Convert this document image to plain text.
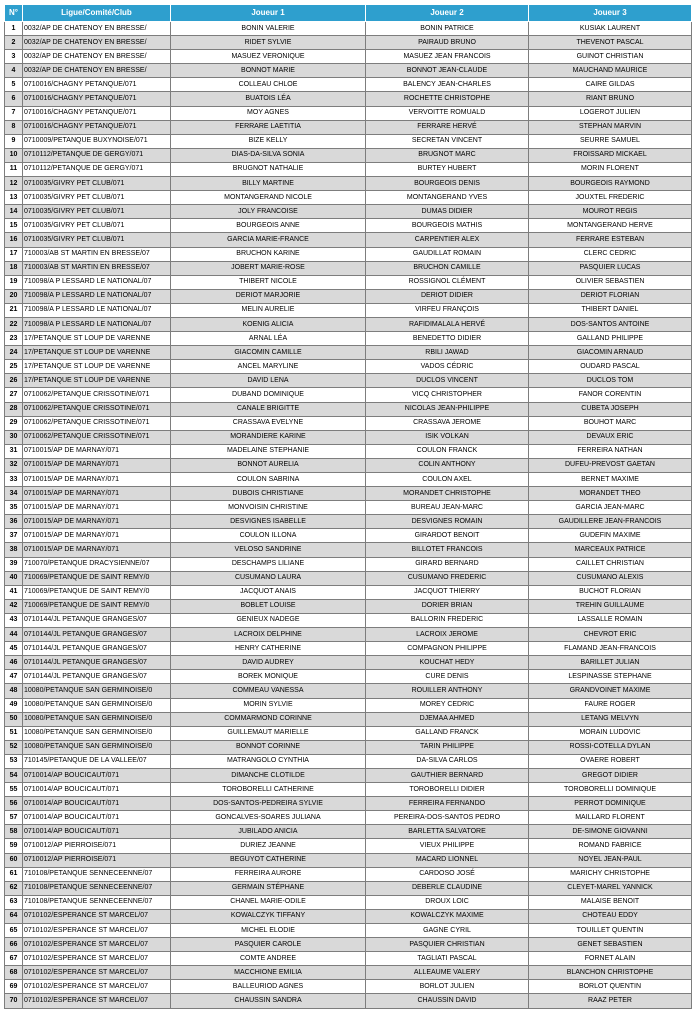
N°	Ligue/Comité/Club	Joueur 1	Joueur 2	Joueur 3
1	0032/AP DE CHATENOY EN BRESSE/	BONIN VALERIE	BONIN PATRICE	KUSIAK LAURENT
2	0032/AP DE CHATENOY EN BRESSE/	RIDET SYLVIE	PAIRAUD BRUNO	THEVENOT PASCAL
3	0032/AP DE CHATENOY EN BRESSE/	MASUEZ VERONIQUE	MASUEZ JEAN FRANCOIS	GUINOT CHRISTIAN
4	0032/AP DE CHATENOY EN BRESSE/	BONNOT MARIE	BONNOT JEAN-CLAUDE	MAUCHAND MAURICE
5	0710016/CHAGNY PETANQUE/071	COLLEAU CHLOE	BALENCY JEAN-CHARLES	CAIRE GILDAS
6	0710016/CHAGNY PETANQUE/071	BUATOIS LÉA	ROCHETTE CHRISTOPHE	RIANT BRUNO
7	0710016/CHAGNY PETANQUE/071	MOY AGNES	VERVOITTE ROMUALD	LOGEROT JULIEN
8	0710016/CHAGNY PETANQUE/071	FERRARE LAETITIA	FERRARE HERVÉ	STEPHAN MARVIN
9	0710009/PETANQUE BUXYNOISE/071	BIZE KELLY	SECRETAN VINCENT	SEURRE SAMUEL
10	0710112/PETANQUE DE GERGY/071	DIAS-DA-SILVA SONIA	BRUGNOT MARC	FROISSARD MICKAEL
11	0710112/PETANQUE DE GERGY/071	BRUGNOT NATHALIE	BURTEY HUBERT	MORIN FLORENT
12	0710035/GIVRY PET CLUB/071	BILLY MARTINE	BOURGEOIS DENIS	BOURGEOIS RAYMOND
13	0710035/GIVRY PET CLUB/071	MONTANGERAND NICOLE	MONTANGERAND YVES	JOUXTEL FREDERIC
14	0710035/GIVRY PET CLUB/071	JOLY FRANCOISE	DUMAS DIDIER	MOUROT REGIS
15	0710035/GIVRY PET CLUB/071	BOURGEOIS ANNE	BOURGEOIS MATHIS	MONTANGERAND HERVE
16	0710035/GIVRY PET CLUB/071	GARCIA MARIE-FRANCE	CARPENTIER ALEX	FERRARE ESTEBAN
17	710003/AB ST MARTIN EN BRESSE/07	BRUCHON KARINE	GAUDILLAT ROMAIN	CLERC CEDRIC
18	710003/AB ST MARTIN EN BRESSE/07	JOBERT MARIE-ROSE	BRUCHON CAMILLE	PASQUIER LUCAS
19	710098/A P LESSARD LE NATIONAL/07	THIBERT NICOLE	ROSSIGNOL CLÉMENT	OLIVIER SEBASTIEN
20	710098/A P LESSARD LE NATIONAL/07	DERIOT MARJORIE	DERIOT DIDIER	DERIOT FLORIAN
21	710098/A P LESSARD LE NATIONAL/07	MELIN AURELIE	VIRFEU FRANÇOIS	THIBERT DANIEL
22	710098/A P LESSARD LE NATIONAL/07	KOENIG ALICIA	RAFIDIMALALA HERVÉ	DOS-SANTOS ANTOINE
23	17/PETANQUE ST LOUP DE VARENNE	ARNAL LÉA	BENEDETTO DIDIER	GALLAND PHILIPPE
24	17/PETANQUE ST LOUP DE VARENNE	GIACOMIN CAMILLE	RBILI JAWAD	GIACOMIN ARNAUD
25	17/PETANQUE ST LOUP DE VARENNE	ANCEL MARYLINE	VADOS CÉDRIC	OUDARD PASCAL
26	17/PETANQUE ST LOUP DE VARENNE	DAVID LENA	DUCLOS VINCENT	DUCLOS TOM
27	0710062/PETANQUE CRISSOTINE/071	DUBAND DOMINIQUE	VICQ CHRISTOPHER	FANOR CORENTIN
28	0710062/PETANQUE CRISSOTINE/071	CANALE BRIGITTE	NICOLAS JEAN-PHILIPPE	CUBETA JOSEPH
29	0710062/PETANQUE CRISSOTINE/071	CRASSAVA EVELYNE	CRASSAVA JEROME	BOUHOT MARC
30	0710062/PETANQUE CRISSOTINE/071	MORANDIERE KARINE	ISIK VOLKAN	DEVAUX ERIC
31	0710015/AP DE MARNAY/071	MADELAINE STEPHANIE	COULON FRANCK	FERREIRA NATHAN
32	0710015/AP DE MARNAY/071	BONNOT AURELIA	COLIN ANTHONY	DUFEU-PREVOST GAETAN
33	0710015/AP DE MARNAY/071	COULON SABRINA	COULON AXEL	BERNET MAXIME
34	0710015/AP DE MARNAY/071	DUBOIS CHRISTIANE	MORANDET CHRISTOPHE	MORANDET THEO
35	0710015/AP DE MARNAY/071	MONVOISIN CHRISTINE	BUREAU JEAN-MARC	GARCIA JEAN-MARC
36	0710015/AP DE MARNAY/071	DESVIGNES ISABELLE	DESVIGNES ROMAIN	GAUDILLERE JEAN-FRANCOIS
37	0710015/AP DE MARNAY/071	COULON ILLONA	GIRARDOT BENOIT	GUDEFIN MAXIME
38	0710015/AP DE MARNAY/071	VELOSO SANDRINE	BILLOTET FRANCOIS	MARCEAUX PATRICE
39	710070/PETANQUE DRACYSIENNE/07	DESCHAMPS LILIANE	GIRARD BERNARD	CAILLET CHRISTIAN
40	710069/PETANQUE DE SAINT REMY/0	CUSUMANO LAURA	CUSUMANO FREDERIC	CUSUMANO ALEXIS
41	710069/PETANQUE DE SAINT REMY/0	JACQUOT ANAIS	JACQUOT THIERRY	BUCHOT FLORIAN
42	710069/PETANQUE DE SAINT REMY/0	BOBLET LOUISE	DORIER BRIAN	TREHIN GUILLAUME
43	0710144/JL PETANQUE GRANGES/07	GENIEUX NADEGE	BALLORIN FREDERIC	LASSALLE ROMAIN
44	0710144/JL PETANQUE GRANGES/07	LACROIX DELPHINE	LACROIX JEROME	CHEVROT ERIC
45	0710144/JL PETANQUE GRANGES/07	HENRY CATHERINE	COMPAGNON PHILIPPE	FLAMAND JEAN-FRANCOIS
46	0710144/JL PETANQUE GRANGES/07	DAVID AUDREY	KOUCHAT HEDY	BARILLET JULIAN
47	0710144/JL PETANQUE GRANGES/07	BOREK MONIQUE	CURE DENIS	LESPINASSE STEPHANE
48	10080/PETANQUE SAN GERMINOISE/0	COMMEAU VANESSA	ROUILLER ANTHONY	GRANDVOINET MAXIME
49	10080/PETANQUE SAN GERMINOISE/0	MORIN SYLVIE	MOREY CEDRIC	FAURE ROGER
50	10080/PETANQUE SAN GERMINOISE/0	COMMARMOND CORINNE	DJEMAA AHMED	LETANG MELVYN
51	10080/PETANQUE SAN GERMINOISE/0	GUILLEMAUT MARIELLE	GALLAND FRANCK	MORAIN LUDOVIC
52	10080/PETANQUE SAN GERMINOISE/0	BONNOT CORINNE	TARIN PHILIPPE	ROSSI-COTELLA DYLAN
53	710145/PETANQUE DE LA VALLEE/07	MATRANGOLO CYNTHIA	DA-SILVA CARLOS	OVAERE ROBERT
54	0710014/AP BOUCICAUT/071	DIMANCHE CLOTILDE	GAUTHIER BERNARD	GREGOT DIDIER
55	0710014/AP BOUCICAUT/071	TOROBORELLI CATHERINE	TOROBORELLI DIDIER	TOROBORELLI DOMINIQUE
56	0710014/AP BOUCICAUT/071	DOS-SANTOS-PEDREIRA SYLVIE	FERREIRA FERNANDO	PERROT DOMINIQUE
57	0710014/AP BOUCICAUT/071	GONCALVES-SOARES JULIANA	PEREIRA-DOS-SANTOS PEDRO	MAILLARD FLORENT
58	0710014/AP BOUCICAUT/071	JUBILADO ANICIA	BARLETTA SALVATORE	DE-SIMONE GIOVANNI
59	0710012/AP PIERROISE/071	DURIEZ JEANNE	VIEUX PHILIPPE	ROMAND FABRICE
60	0710012/AP PIERROISE/071	BEGUYOT CATHERINE	MACARD LIONNEL	NOYEL JEAN-PAUL
61	710108/PETANQUE SENNECEENNE/07	FERREIRA AURORE	CARDOSO JOSÉ	MARICHY CHRISTOPHE
62	710108/PETANQUE SENNECEENNE/07	GERMAIN STÉPHANE	DEBERLE CLAUDINE	CLEYET-MAREL YANNICK
63	710108/PETANQUE SENNECEENNE/07	CHANEL MARIE-ODILE	DROUX LOIC	MALAISE BENOIT
64	0710102/ESPERANCE ST MARCEL/07	KOWALCZYK TIFFANY	KOWALCZYK MAXIME	CHOTEAU EDDY
65	0710102/ESPERANCE ST MARCEL/07	MICHEL ELODIE	GAGNE CYRIL	TOUILLET QUENTIN
66	0710102/ESPERANCE ST MARCEL/07	PASQUIER CAROLE	PASQUIER CHRISTIAN	GENET SEBASTIEN
67	0710102/ESPERANCE ST MARCEL/07	COMTE ANDREE	TAGLIATI PASCAL	FORNET ALAIN
68	0710102/ESPERANCE ST MARCEL/07	MACCHIONE EMILIA	ALLEAUME VALERY	BLANCHON CHRISTOPHE
69	0710102/ESPERANCE ST MARCEL/07	BALLEURIOD AGNES	BORLOT JULIEN	BORLOT QUENTIN
70	0710102/ESPERANCE ST MARCEL/07	CHAUSSIN SANDRA	CHAUSSIN DAVID	RAAZ PETER
